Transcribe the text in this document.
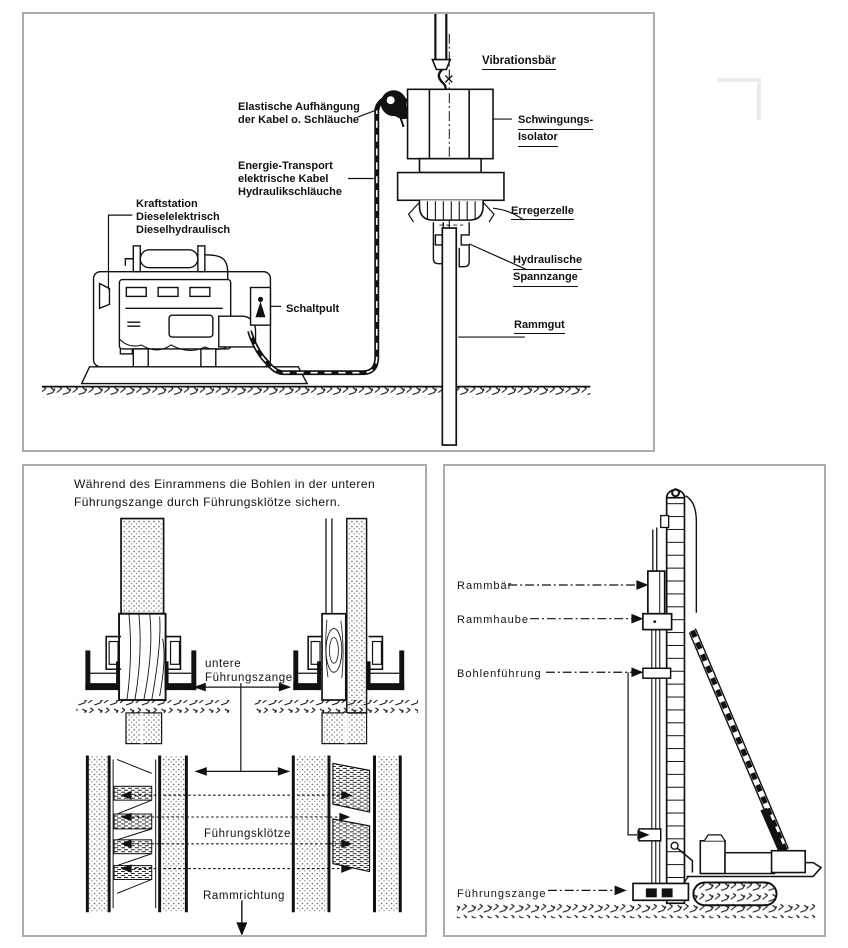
Vibrationsbär
Elastische Aufhängung
der Kabel o. Schläuche
Energie-Transport
elektrische Kabel
Hydraulikschläuche
Kraftstation
Dieselelektrisch
Dieselhydraulisch
Schaltpult
Schwingungs-
Isolator
Erregerzelle
Hydraulische
Spannzange
Rammgut
Während des Einrammens die Bohlen in der unteren
Führungszange durch Führungsklötze sichern.
untere
Führungszange
Führungsklötze
Rammrichtung
Rammbär
Rammhaube
Bohlenführung
Führungszange
